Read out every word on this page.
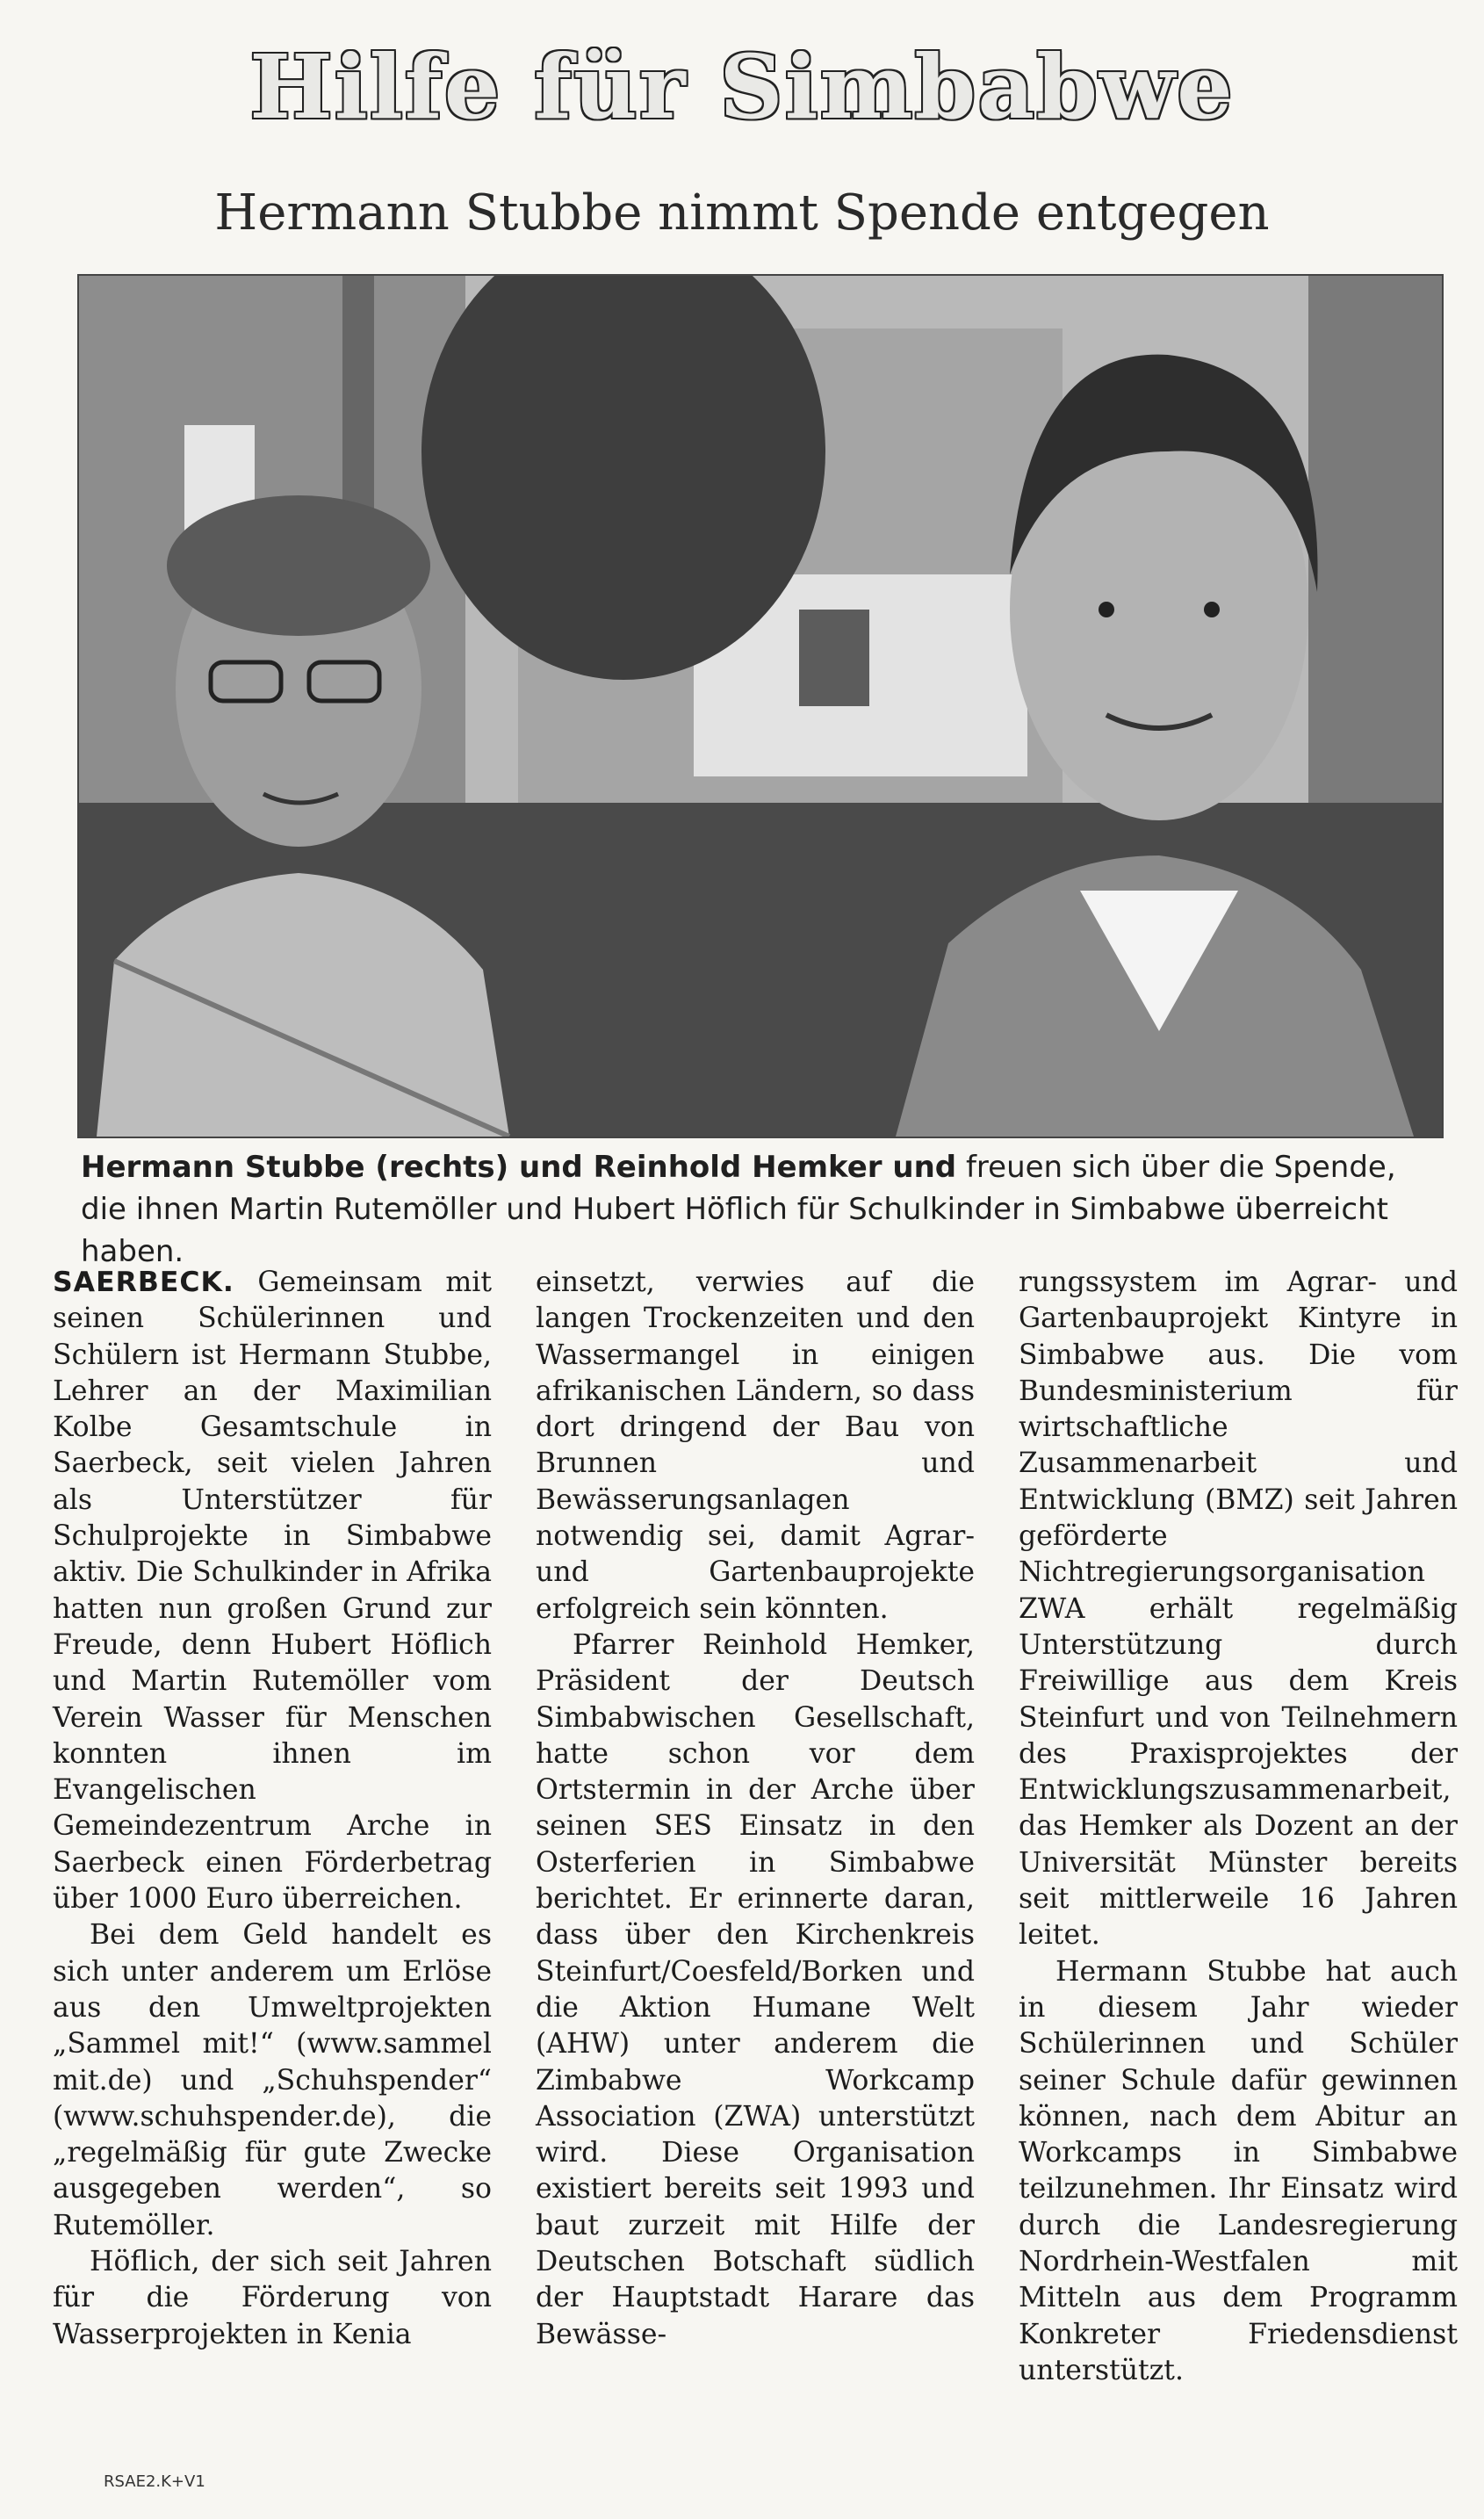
Hilfe für Simbabwe
Hermann Stubbe nimmt Spende entgegen
Hermann Stubbe (rechts) und Reinhold Hemker und freuen sich über die Spende, die ihnen Martin Rutemöller und Hubert Höflich für Schulkinder in Simbabwe überreicht haben.

SAERBECK. Gemeinsam mit seinen Schülerinnen und Schülern ist Hermann Stubbe, Lehrer an der Maximilian Kolbe Gesamtschule in Saerbeck, seit vielen Jahren als Unterstützer für Schulprojekte in Simbabwe aktiv. Die Schulkinder in Afrika hatten nun großen Grund zur Freude, denn Hubert Höflich und Martin Rutemöller vom Verein Wasser für Menschen konnten ihnen im Evangelischen Gemeindezentrum Arche in Saerbeck einen Förderbetrag über 1000 Euro überreichen.

Bei dem Geld handelt es sich unter anderem um Erlöse aus den Umweltprojekten „Sammel mit!“ (www.sammel mit.de) und „Schuhspender“ (www.schuhspender.de), die „regelmäßig für gute Zwecke ausgegeben werden“, so Rutemöller.

Höflich, der sich seit Jahren für die Förderung von Wasserprojekten in Kenia

einsetzt, verwies auf die langen Trockenzeiten und den Wassermangel in einigen afrikanischen Ländern, so dass dort dringend der Bau von Brunnen und Bewässerungsanlagen notwendig sei, damit Agrar- und Gartenbauprojekte erfolgreich sein könnten.

Pfarrer Reinhold Hemker, Präsident der Deutsch Simbabwischen Gesellschaft, hatte schon vor dem Ortstermin in der Arche über seinen SES Einsatz in den Osterferien in Simbabwe berichtet. Er erinnerte daran, dass über den Kirchenkreis Steinfurt/Coesfeld/Borken und die Aktion Humane Welt (AHW) unter anderem die Zimbabwe Workcamp Association (ZWA) unterstützt wird. Diese Organisation existiert bereits seit 1993 und baut zurzeit mit Hilfe der Deutschen Botschaft südlich der Hauptstadt Harare das Bewässe-

rungssystem im Agrar- und Gartenbauprojekt Kintyre in Simbabwe aus. Die vom Bundesministerium für wirtschaftliche Zusammenarbeit und Entwicklung (BMZ) seit Jahren geförderte Nichtregierungsorganisation ZWA erhält regelmäßig Unterstützung durch Freiwillige aus dem Kreis Steinfurt und von Teilnehmern des Praxisprojektes der Entwicklungszusammenarbeit, das Hemker als Dozent an der Universität Münster bereits seit mittlerweile 16 Jahren leitet.

Hermann Stubbe hat auch in diesem Jahr wieder Schülerinnen und Schüler seiner Schule dafür gewinnen können, nach dem Abitur an Workcamps in Simbabwe teilzunehmen. Ihr Einsatz wird durch die Landesregierung Nordrhein-Westfalen mit Mitteln aus dem Programm Konkreter Friedensdienst unterstützt.

RSAE2.K+V1
